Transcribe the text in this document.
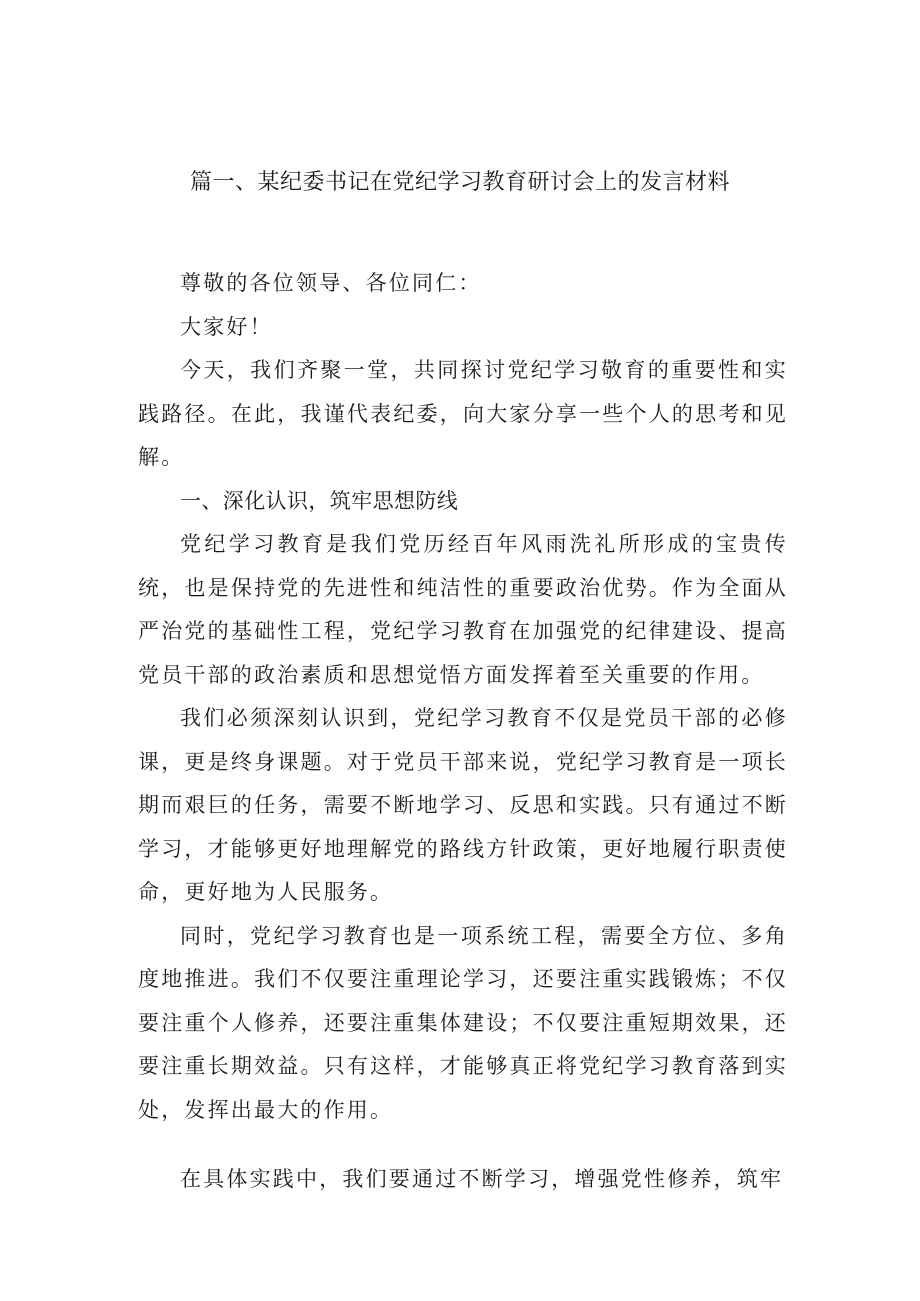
篇一、某纪委书记在党纪学习教育研讨会上的发言材料

尊敬的各位领导、各位同仁：

大家好！

今天，我们齐聚一堂，共同探讨党纪学习敬育的重要性和实践路径。在此，我谨代表纪委，向大家分享一些个人的思考和见解。

一、深化认识，筑牢思想防线

党纪学习教育是我们党历经百年风雨洗礼所形成的宝贵传统，也是保持党的先进性和纯洁性的重要政治优势。作为全面从严治党的基础性工程，党纪学习教育在加强党的纪律建设、提高党员干部的政治素质和思想觉悟方面发挥着至关重要的作用。

我们必须深刻认识到，党纪学习教育不仅是党员干部的必修课，更是终身课题。对于党员干部来说，党纪学习教育是一项长期而艰巨的任务，需要不断地学习、反思和实践。只有通过不断学习，才能够更好地理解党的路线方针政策，更好地履行职责使命，更好地为人民服务。

同时，党纪学习教育也是一项系统工程，需要全方位、多角度地推进。我们不仅要注重理论学习，还要注重实践锻炼；不仅要注重个人修养，还要注重集体建设；不仅要注重短期效果，还要注重长期效益。只有这样，才能够真正将党纪学习教育落到实处，发挥出最大的作用。

在具体实践中，我们要通过不断学习，增强党性修养，筑牢
